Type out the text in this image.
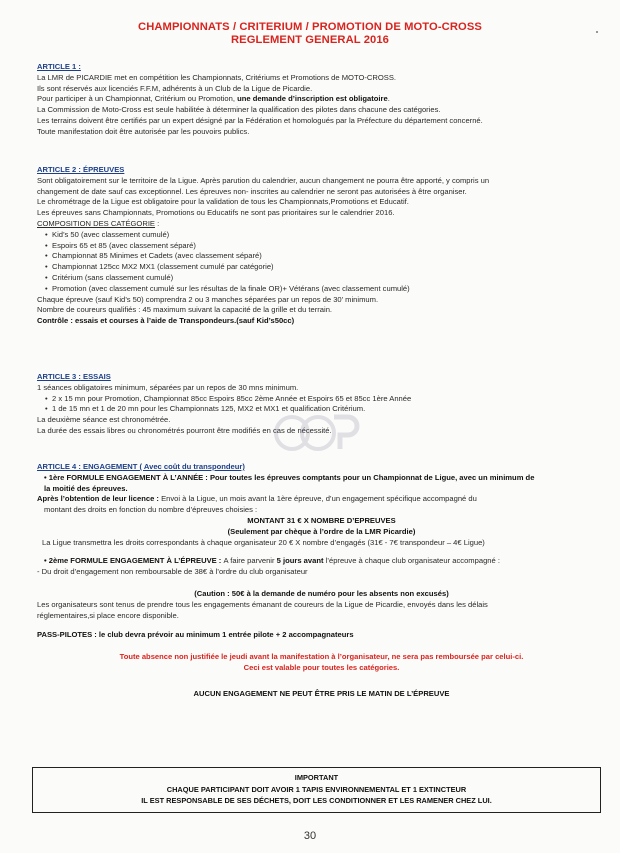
CHAMPIONNATS / CRITERIUM / PROMOTION DE MOTO-CROSS
REGLEMENT GENERAL 2016

ARTICLE 1 :

La LMR de PICARDIE met en compétition les Championnats, Critériums et Promotions de MOTO-CROSS.

Ils sont réservés aux licenciés F.F.M, adhérents à un Club de la Ligue de Picardie.

Pour participer à un Championnat, Critérium ou Promotion, une demande d’inscription est obligatoire.

La Commission de Moto-Cross est seule habilitée à déterminer la qualification des pilotes dans chacune des catégories.

Les terrains doivent être certifiés par un expert désigné par la Fédération et homologués par la Préfecture du département concerné.

Toute manifestation doit être autorisée par les pouvoirs publics.

ARTICLE 2 : ÉPREUVES

Sont obligatoirement sur le territoire de la Ligue. Après parution du calendrier, aucun changement ne pourra être apporté, y compris un

changement de date sauf cas exceptionnel. Les épreuves non- inscrites au calendrier ne seront pas autorisées à être organiser.

Le chrométrage de la Ligue est obligatoire pour la validation de tous les Championnats,Promotions et Educatif.

Les épreuves sans Championnats, Promotions ou Educatifs ne sont pas prioritaires sur le calendrier 2016.

COMPOSITION DES CATÉGORIE :

• Kid’s 50 (avec classement cumulé)
• Espoirs 65 et 85 (avec classement séparé)
• Championnat 85 Minimes et Cadets (avec classement séparé)
• Championnat 125cc MX2 MX1 (classement cumulé par catégorie)
• Critérium (sans classement cumulé)
• Promotion (avec classement cumulé sur les résultas de la finale OR)+ Vétérans (avec classement cumulé)

Chaque épreuve (sauf Kid’s 50) comprendra 2 ou 3 manches séparées par un repos de 30’ minimum.

Nombre de coureurs qualifiés : 45 maximum suivant la capacité de la grille et du terrain.

Contrôle : essais et courses à l’aide de Transpondeurs.(sauf Kid’s50cc)

ARTICLE 3 : ESSAIS

1 séances obligatoires minimum, séparées par un repos de 30 mns minimum.

• 2 x 15 mn pour Promotion, Championnat 85cc Espoirs 85cc 2ème Année et Espoirs 65 et 85cc 1ère Année
• 1 de 15 mn et 1 de 20 mn pour les Championnats 125, MX2 et MX1 et qualification Critérium.

La deuxième séance est chronométrée.

La durée des essais libres ou chronométrés pourront être modifiés en cas de nécessité.

ARTICLE 4 : ENGAGEMENT ( Avec coût du transpondeur)

• 1ère FORMULE ENGAGEMENT À L’ANNÉE : Pour toutes les épreuves comptants pour un Championnat de Ligue, avec un minimum de

la moitié des épreuves.

Après l’obtention de leur licence : Envoi à la Ligue, un mois avant la 1ère épreuve, d’un engagement spécifique accompagné du

montant des droits en fonction du nombre d’épreuves choisies :

MONTANT 31 € X NOMBRE D’EPREUVES

(Seulement par chèque à l’ordre de la LMR Picardie)

La Ligue transmettra les droits correspondants à chaque organisateur 20 € X nombre d’engagés (31€ - 7€ transpondeur – 4€ Ligue)

• 2ème FORMULE ENGAGEMENT À L’ÉPREUVE : A faire parvenir 5 jours avant l’épreuve à chaque club organisateur accompagné :

- Du droit d’engagement non remboursable de 38€ à l’ordre du club organisateur

(Caution : 50€ à la demande de numéro pour les absents non excusés)

Les organisateurs sont tenus de prendre tous les engagements émanant de coureurs de la Ligue de Picardie, envoyés dans les délais

réglementaires,si place encore disponible.

PASS-PILOTES : le club devra prévoir au minimum 1 entrée pilote + 2 accompagnateurs

Toute absence non justifiée le jeudi avant la manifestation à l’organisateur, ne sera pas remboursée par celui-ci.

Ceci est valable pour toutes les catégories.

AUCUN ENGAGEMENT NE PEUT ÊTRE PRIS LE MATIN DE L’ÉPREUVE

IMPORTANT
CHAQUE PARTICIPANT DOIT AVOIR 1 TAPIS ENVIRONNEMENTAL ET 1 EXTINCTEUR
IL EST RESPONSABLE DE SES DÉCHETS, DOIT LES CONDITIONNER ET LES RAMENER CHEZ LUI.
30
